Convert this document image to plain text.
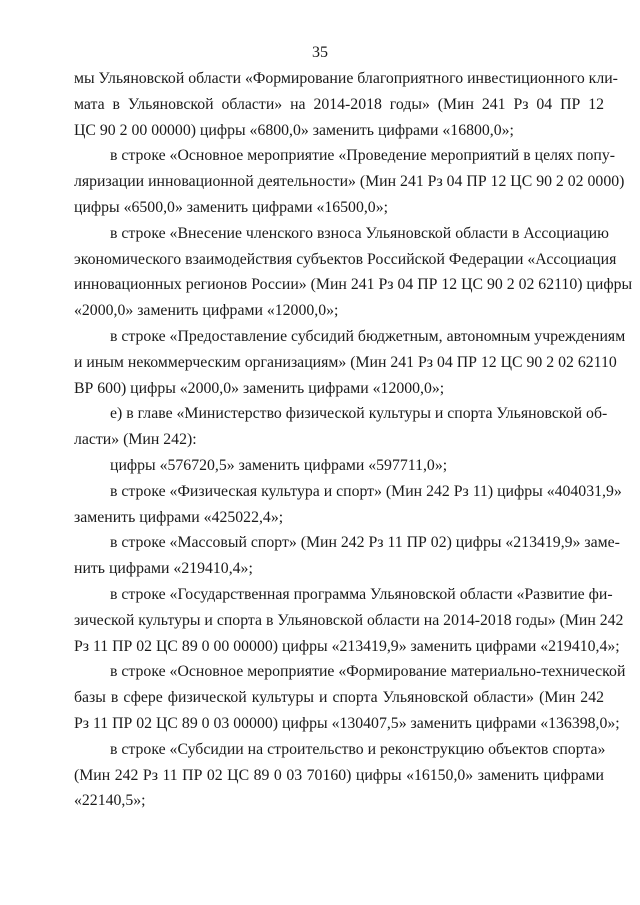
35
мы Ульяновской области «Формирование благоприятного инвестиционного кли-
мата в Ульяновской области» на 2014-2018 годы» (Мин 241 Рз 04 ПР 12
ЦС 90 2 00 00000) цифры «6800,0» заменить цифрами «16800,0»;
в строке «Основное мероприятие «Проведение мероприятий в целях попу-
ляризации инновационной деятельности» (Мин 241 Рз 04 ПР 12 ЦС 90 2 02 0000)
цифры «6500,0» заменить цифрами «16500,0»;
в строке «Внесение членского взноса Ульяновской области в Ассоциацию
экономического взаимодействия субъектов Российской Федерации «Ассоциация
инновационных регионов России» (Мин 241 Рз 04 ПР 12 ЦС 90 2 02 62110) цифры
«2000,0» заменить цифрами «12000,0»;
в строке «Предоставление субсидий бюджетным, автономным учреждениям
и иным некоммерческим организациям» (Мин 241 Рз 04 ПР 12 ЦС 90 2 02 62110
ВР 600) цифры «2000,0» заменить цифрами «12000,0»;
е) в главе «Министерство физической культуры и спорта Ульяновской об-
ласти» (Мин 242):
цифры «576720,5» заменить цифрами «597711,0»;
в строке «Физическая культура и спорт» (Мин 242 Рз 11) цифры «404031,9»
заменить цифрами «425022,4»;
в строке «Массовый спорт» (Мин 242 Рз 11 ПР 02) цифры «213419,9» заме-
нить цифрами «219410,4»;
в строке «Государственная программа Ульяновской области «Развитие фи-
зической культуры и спорта в Ульяновской области на 2014-2018 годы» (Мин 242
Рз 11 ПР 02 ЦС 89 0 00 00000) цифры «213419,9» заменить цифрами «219410,4»;
в строке «Основное мероприятие «Формирование материально-технической
базы в сфере физической культуры и спорта Ульяновской области» (Мин 242
Рз 11 ПР 02 ЦС 89 0 03 00000) цифры «130407,5» заменить цифрами «136398,0»;
в строке «Субсидии на строительство и реконструкцию объектов спорта»
(Мин 242 Рз 11 ПР 02 ЦС 89 0 03 70160) цифры «16150,0» заменить цифрами
«22140,5»;
